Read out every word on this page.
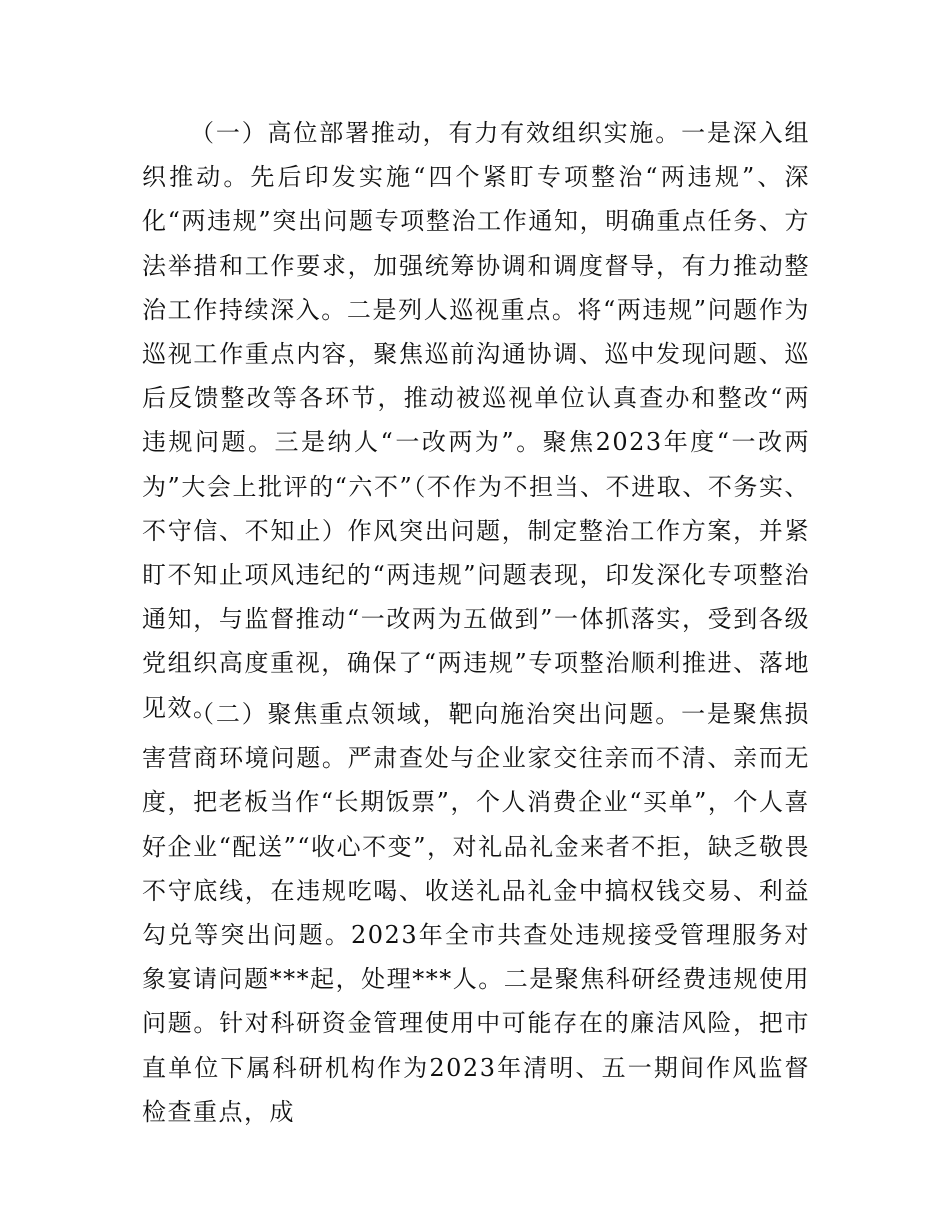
（一）高位部署推动，有力有效组织实施。一是深入组织推动。先后印发实施“四个紧盯专项整治“两违规”、深化“两违规”突出问题专项整治工作通知，明确重点任务、方法举措和工作要求，加强统筹协调和调度督导，有力推动整治工作持续深入。二是列人巡视重点。将“两违规”问题作为巡视工作重点内容，聚焦巡前沟通协调、巡中发现问题、巡后反馈整改等各环节，推动被巡视单位认真查办和整改“两违规问题。三是纳人“一改两为”。聚焦2023年度“一改两为”大会上批评的“六不”（不作为不担当、不进取、不务实、不守信、不知止）作风突出问题，制定整治工作方案，并紧盯不知止项风违纪的“两违规”问题表现，印发深化专项整治通知，与监督推动“一改两为五做到”一体抓落实，受到各级党组织高度重视，确保了“两违规”专项整治顺利推进、落地见效。

（二）聚焦重点领域，靶向施治突出问题。一是聚焦损害营商环境问题。严肃查处与企业家交往亲而不清、亲而无度，把老板当作“长期饭票”，个人消费企业“买单”，个人喜好企业“配送”“收心不变”，对礼品礼金来者不拒，缺乏敬畏不守底线，在违规吃喝、收送礼品礼金中搞权钱交易、利益勾兑等突出问题。2023年全市共查处违规接受管理服务对象宴请问题***起，处理***人。二是聚焦科研经费违规使用问题。针对科研资金管理使用中可能存在的廉洁风险，把市直单位下属科研机构作为2023年清明、五一期间作风监督检查重点，成
